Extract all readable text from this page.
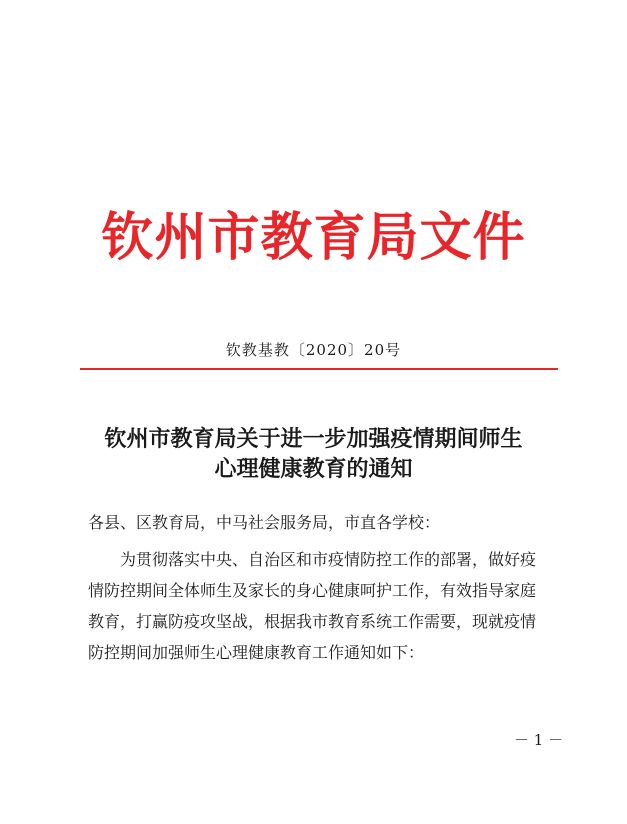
钦州市教育局文件
钦教基教〔2020〕20号
钦州市教育局关于进一步加强疫情期间师生
心理健康教育的通知
各县、区教育局，中马社会服务局，市直各学校：
为贯彻落实中央、自治区和市疫情防控工作的部署，做好疫
情防控期间全体师生及家长的身心健康呵护工作，有效指导家庭
教育，打赢防疫攻坚战，根据我市教育系统工作需要，现就疫情
防控期间加强师生心理健康教育工作通知如下：
－ 1 －
